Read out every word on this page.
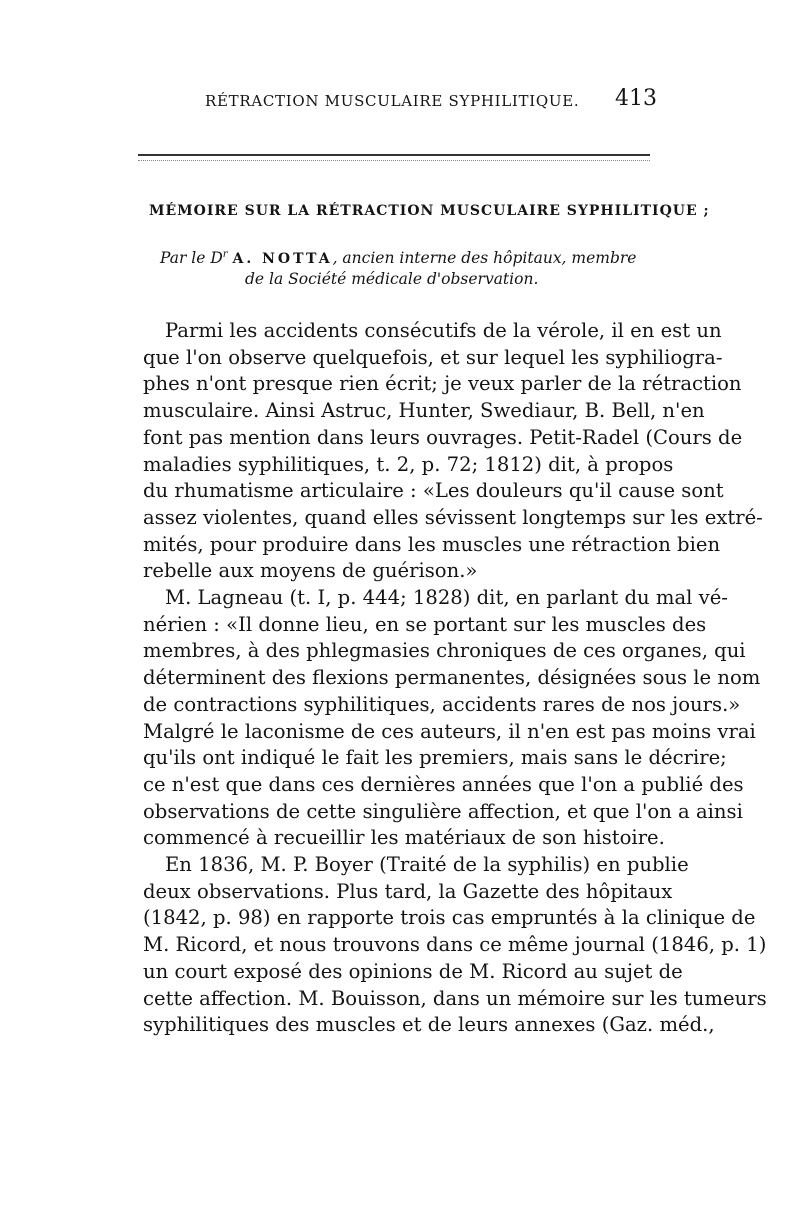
RÉTRACTION MUSCULAIRE SYPHILITIQUE. 413
MÉMOIRE SUR LA RÉTRACTION MUSCULAIRE SYPHILITIQUE ;
Par le $D^r$ A. NOTTA, ancien interne des hôpitaux, membre
de la Société médicale d'observation.
Parmi les accidents consécutifs de la vérole, il en est un
que l'on observe quelquefois, et sur lequel les syphiliogra-
phes n'ont presque rien écrit; je veux parler de la rétraction
musculaire. Ainsi Astruc, Hunter, Swediaur, B. Bell, n'en
font pas mention dans leurs ouvrages. Petit-Radel (Cours de
maladies syphilitiques, t. 2, p. 72; 1812) dit, à propos
du rhumatisme articulaire : «Les douleurs qu'il cause sont
assez violentes, quand elles sévissent longtemps sur les extré-
mités, pour produire dans les muscles une rétraction bien
rebelle aux moyens de guérison.»
M. Lagneau (t. I, p. 444; 1828) dit, en parlant du mal vé-
nérien : «Il donne lieu, en se portant sur les muscles des
membres, à des phlegmasies chroniques de ces organes, qui
déterminent des flexions permanentes, désignées sous le nom
de contractions syphilitiques, accidents rares de nos jours.»
Malgré le laconisme de ces auteurs, il n'en est pas moins vrai
qu'ils ont indiqué le fait les premiers, mais sans le décrire;
ce n'est que dans ces dernières années que l'on a publié des
observations de cette singulière affection, et que l'on a ainsi
commencé à recueillir les matériaux de son histoire.
En 1836, M. P. Boyer (Traité de la syphilis) en publie
deux observations. Plus tard, la Gazette des hôpitaux
(1842, p. 98) en rapporte trois cas empruntés à la clinique de
M. Ricord, et nous trouvons dans ce même journal (1846, p. 1)
un court exposé des opinions de M. Ricord au sujet de
cette affection. M. Bouisson, dans un mémoire sur les tumeurs
syphilitiques des muscles et de leurs annexes (Gaz. méd.,
